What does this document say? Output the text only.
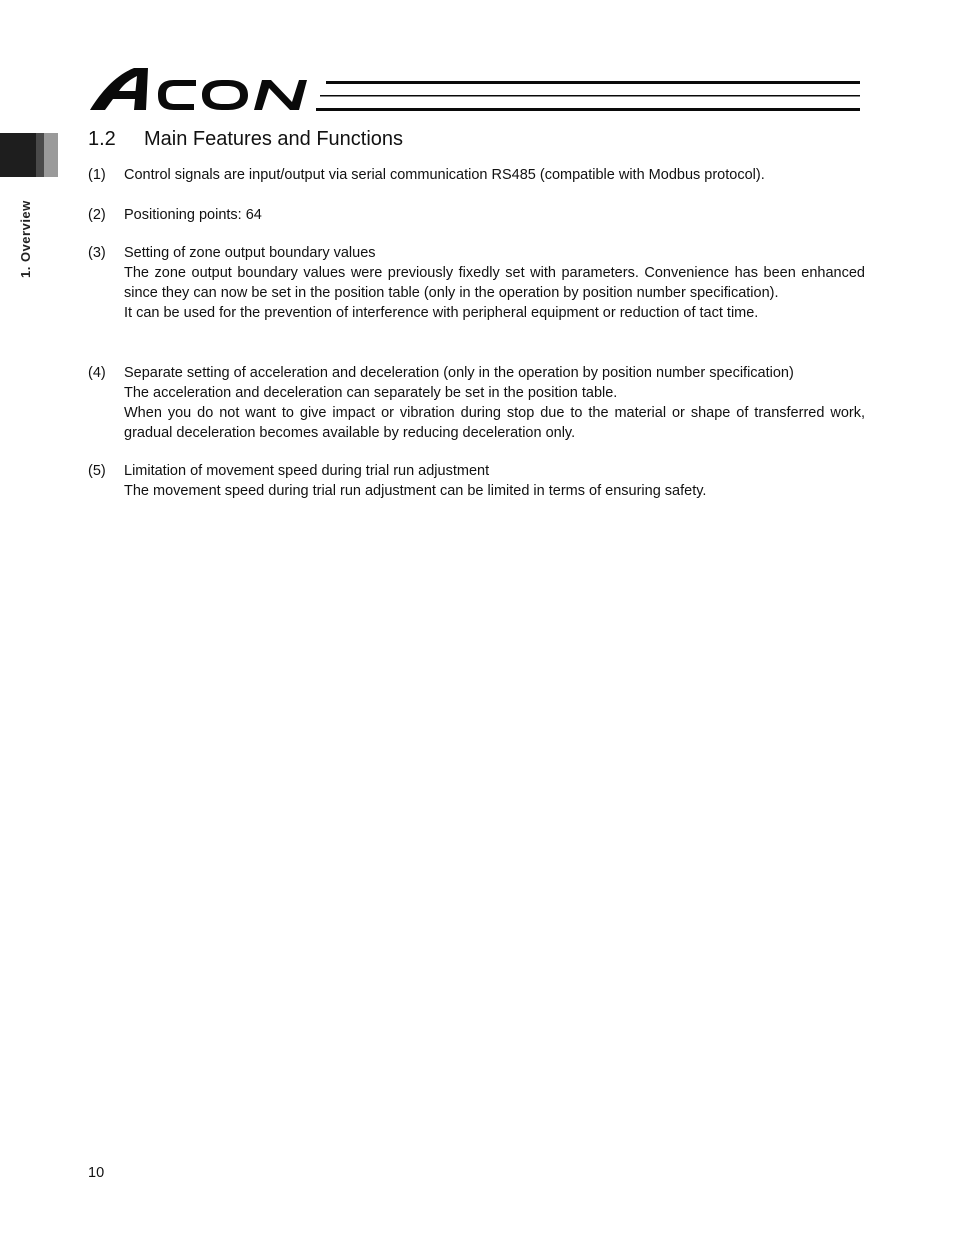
1. Overview
ACON
1.2 Main Features and Functions
(1) Control signals are input/output via serial communication RS485 (compatible with Modbus protocol).
(2) Positioning points: 64
(3) Setting of zone output boundary values
The zone output boundary values were previously fixedly set with parameters. Convenience has been enhanced since they can now be set in the position table (only in the operation by position number specification).
It can be used for the prevention of interference with peripheral equipment or reduction of tact time.
(4) Separate setting of acceleration and deceleration (only in the operation by position number specification)
The acceleration and deceleration can separately be set in the position table.
When you do not want to give impact or vibration during stop due to the material or shape of transferred work, gradual deceleration becomes available by reducing deceleration only.
(5) Limitation of movement speed during trial run adjustment
The movement speed during trial run adjustment can be limited in terms of ensuring safety.
10
